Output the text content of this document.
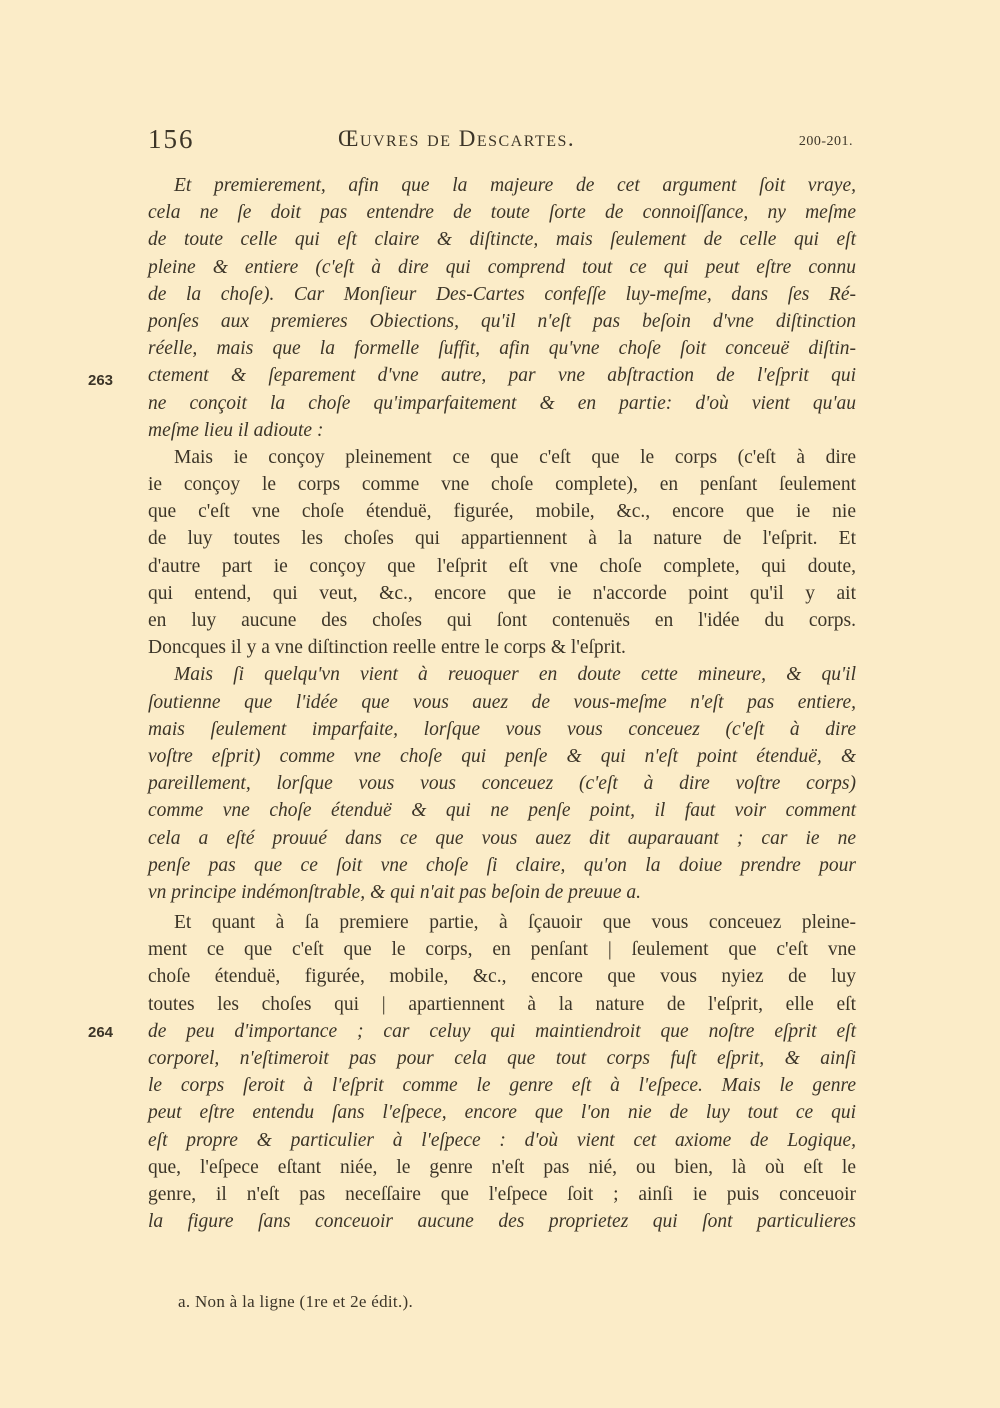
156	Œuvres de Descartes.	200-201.
263
264
Et premierement, afin que la majeure de cet argument ſoit vraye,
cela ne ſe doit pas entendre de toute ſorte de connoiſſance, ny meſme
de toute celle qui eſt claire & diſtincte, mais ſeulement de celle qui eſt
pleine & entiere (c'eſt à dire qui comprend tout ce qui peut eſtre connu
de la choſe). Car Monſieur Des-Cartes confeſſe luy-meſme, dans ſes Ré-
ponſes aux premieres Obiections, qu'il n'eſt pas beſoin d'vne diſtinction
réelle, mais que la formelle ſuffit, afin qu'vne choſe ſoit conceuë diſtin-
ctement & ſeparement d'vne autre, par vne abſtraction de l'eſprit qui
ne conçoit la choſe qu'imparfaitement & en partie: d'où vient qu'au
meſme lieu il adioute :
Mais ie conçoy pleinement ce que c'eſt que le corps (c'eſt à dire
ie conçoy le corps comme vne choſe complete), en penſant ſeulement
que c'eſt vne choſe étenduë, figurée, mobile, &c., encore que ie nie
de luy toutes les choſes qui appartiennent à la nature de l'eſprit. Et
d'autre part ie conçoy que l'eſprit eſt vne choſe complete, qui doute,
qui entend, qui veut, &c., encore que ie n'accorde point qu'il y ait
en luy aucune des choſes qui ſont contenuës en l'idée du corps.
Doncques il y a vne diſtinction reelle entre le corps & l'eſprit.
Mais ſi quelqu'vn vient à reuoquer en doute cette mineure, & qu'il
ſoutienne que l'idée que vous auez de vous-meſme n'eſt pas entiere,
mais ſeulement imparfaite, lorſque vous vous conceuez (c'eſt à dire
voſtre eſprit) comme vne choſe qui penſe & qui n'eſt point étenduë, &
pareillement, lorſque vous vous conceuez (c'eſt à dire voſtre corps)
comme vne choſe étenduë & qui ne penſe point, il faut voir comment
cela a eſté prouué dans ce que vous auez dit auparauant ; car ie ne
penſe pas que ce ſoit vne choſe ſi claire, qu'on la doiue prendre pour
vn principe indémonſtrable, & qui n'ait pas beſoin de preuue a.
Et quant à ſa premiere partie, à ſçauoir que vous conceuez pleine-
ment ce que c'eſt que le corps, en penſant | ſeulement que c'eſt vne
choſe étenduë, figurée, mobile, &c., encore que vous nyiez de luy
toutes les choſes qui | apartiennent à la nature de l'eſprit, elle eſt
de peu d'importance ; car celuy qui maintiendroit que noſtre eſprit eſt
corporel, n'eſtimeroit pas pour cela que tout corps fuſt eſprit, & ainſi
le corps ſeroit à l'eſprit comme le genre eſt à l'eſpece. Mais le genre
peut eſtre entendu ſans l'eſpece, encore que l'on nie de luy tout ce qui
eſt propre & particulier à l'eſpece : d'où vient cet axiome de Logique,
que, l'eſpece eſtant niée, le genre n'eſt pas nié, ou bien, là où eſt le
genre, il n'eſt pas neceſſaire que l'eſpece ſoit ; ainſi ie puis conceuoir
la figure ſans conceuoir aucune des proprietez qui ſont particulieres
a. Non à la ligne (1re et 2e édit.).
